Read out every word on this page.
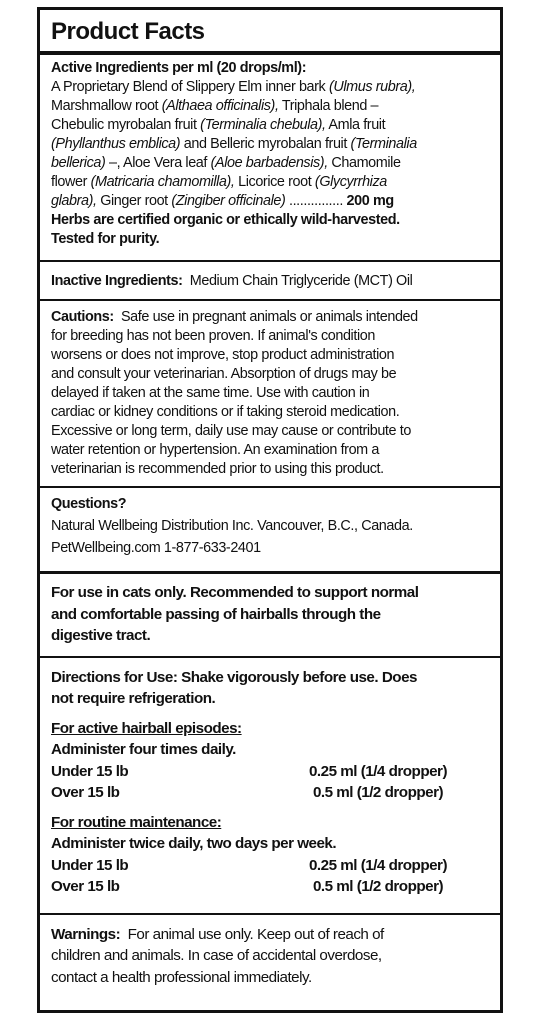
Product Facts
Active Ingredients per ml (20 drops/ml):
A Proprietary Blend of Slippery Elm inner bark (Ulmus rubra),
Marshmallow root (Althaea officinalis), Triphala blend –
Chebulic myrobalan fruit (Terminalia chebula), Amla fruit
(Phyllanthus emblica) and Belleric myrobalan fruit (Terminalia
bellerica) –, Aloe Vera leaf (Aloe barbadensis), Chamomile
flower (Matricaria chamomilla), Licorice root (Glycyrrhiza
glabra), Ginger root (Zingiber officinale) ............... 200 mg
Herbs are certified organic or ethically wild-harvested.
Tested for purity.
Inactive Ingredients: Medium Chain Triglyceride (MCT) Oil
Cautions: Safe use in pregnant animals or animals intended
for breeding has not been proven. If animal's condition
worsens or does not improve, stop product administration
and consult your veterinarian. Absorption of drugs may be
delayed if taken at the same time. Use with caution in
cardiac or kidney conditions or if taking steroid medication.
Excessive or long term, daily use may cause or contribute to
water retention or hypertension. An examination from a
veterinarian is recommended prior to using this product.
Questions?
Natural Wellbeing Distribution Inc. Vancouver, B.C., Canada.
PetWellbeing.com 1-877-633-2401
For use in cats only. Recommended to support normal
and comfortable passing of hairballs through the
digestive tract.
Directions for Use: Shake vigorously before use. Does
not require refrigeration.
For active hairball episodes:
Administer four times daily.
Under 15 lb	0.25 ml (1/4 dropper)
Over 15 lb	0.5 ml (1/2 dropper)
For routine maintenance:
Administer twice daily, two days per week.
Under 15 lb	0.25 ml (1/4 dropper)
Over 15 lb	0.5 ml (1/2 dropper)
Warnings: For animal use only. Keep out of reach of
children and animals. In case of accidental overdose,
contact a health professional immediately.
